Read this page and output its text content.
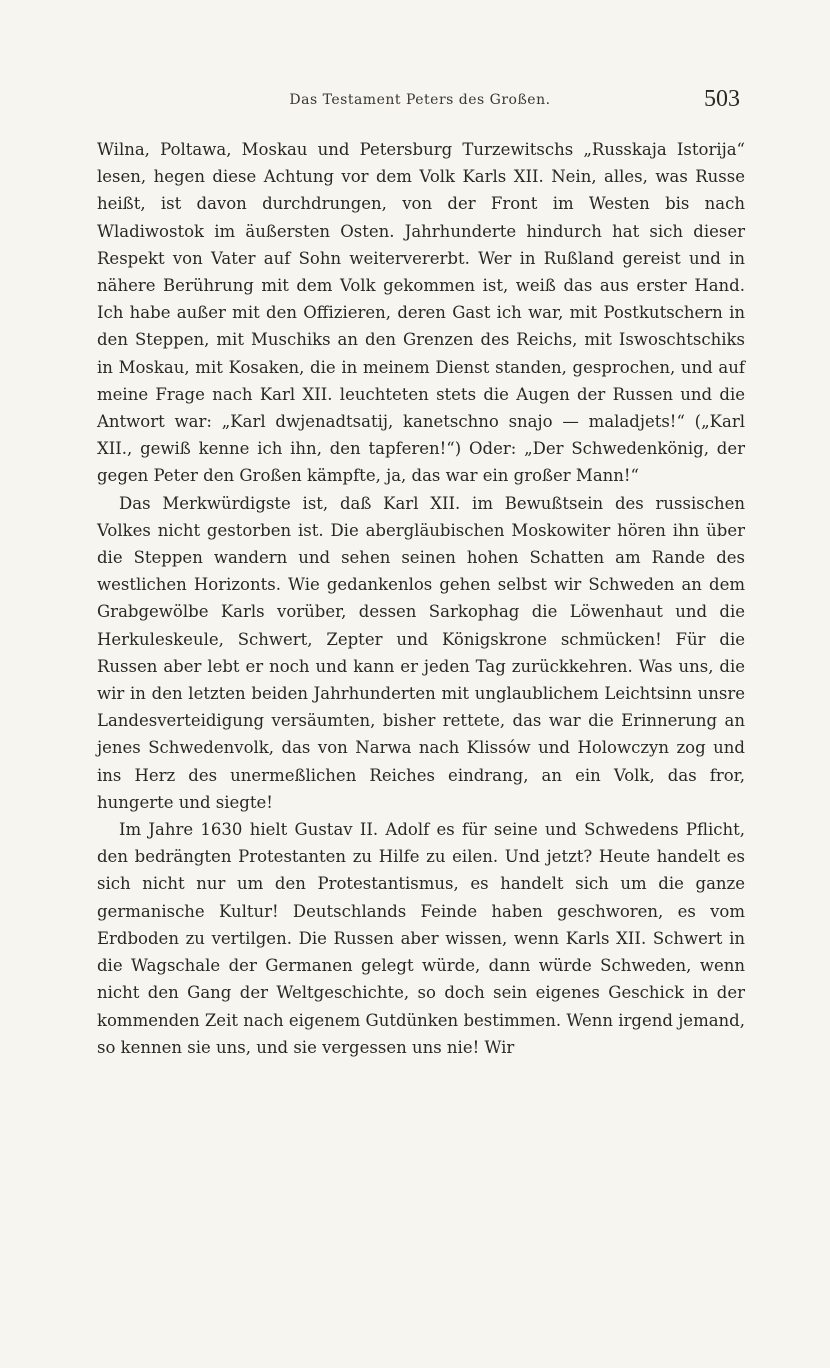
Das Testament Peters des Großen.	503

Wilna, Poltawa, Moskau und Petersburg Turzewitschs „Russkaja Istorija“ lesen, hegen diese Achtung vor dem Volk Karls XII. Nein, alles, was Russe heißt, ist davon durchdrungen, von der Front im Westen bis nach Wladiwostok im äußersten Osten. Jahrhunderte hindurch hat sich dieser Respekt von Vater auf Sohn weitervererbt. Wer in Rußland gereist und in nähere Berührung mit dem Volk gekommen ist, weiß das aus erster Hand. Ich habe außer mit den Offizieren, deren Gast ich war, mit Postkutschern in den Steppen, mit Muschiks an den Grenzen des Reichs, mit Iswoschtschiks in Moskau, mit Kosaken, die in meinem Dienst standen, gesprochen, und auf meine Frage nach Karl XII. leuchteten stets die Augen der Russen und die Antwort war: „Karl dwjenadtsatij, kanetschno snajo — maladjets!“ („Karl XII., gewiß kenne ich ihn, den tapferen!“) Oder: „Der Schwedenkönig, der gegen Peter den Großen kämpfte, ja, das war ein großer Mann!“

Das Merkwürdigste ist, daß Karl XII. im Bewußtsein des russischen Volkes nicht gestorben ist. Die abergläubischen Moskowiter hören ihn über die Steppen wandern und sehen seinen hohen Schatten am Rande des westlichen Horizonts. Wie gedankenlos gehen selbst wir Schweden an dem Grabgewölbe Karls vorüber, dessen Sarkophag die Löwenhaut und die Herkuleskeule, Schwert, Zepter und Königskrone schmücken! Für die Russen aber lebt er noch und kann er jeden Tag zurückkehren. Was uns, die wir in den letzten beiden Jahrhunderten mit unglaublichem Leichtsinn unsre Landesverteidigung versäumten, bisher rettete, das war die Erinnerung an jenes Schwedenvolk, das von Narwa nach Klissów und Holowczyn zog und ins Herz des unermeßlichen Reiches eindrang, an ein Volk, das fror, hungerte und siegte!

Im Jahre 1630 hielt Gustav II. Adolf es für seine und Schwedens Pflicht, den bedrängten Protestanten zu Hilfe zu eilen. Und jetzt? Heute handelt es sich nicht nur um den Protestantismus, es handelt sich um die ganze germanische Kultur! Deutschlands Feinde haben geschworen, es vom Erdboden zu vertilgen. Die Russen aber wissen, wenn Karls XII. Schwert in die Wagschale der Germanen gelegt würde, dann würde Schweden, wenn nicht den Gang der Weltgeschichte, so doch sein eigenes Geschick in der kommenden Zeit nach eigenem Gutdünken bestimmen. Wenn irgend jemand, so kennen sie uns, und sie vergessen uns nie! Wir
